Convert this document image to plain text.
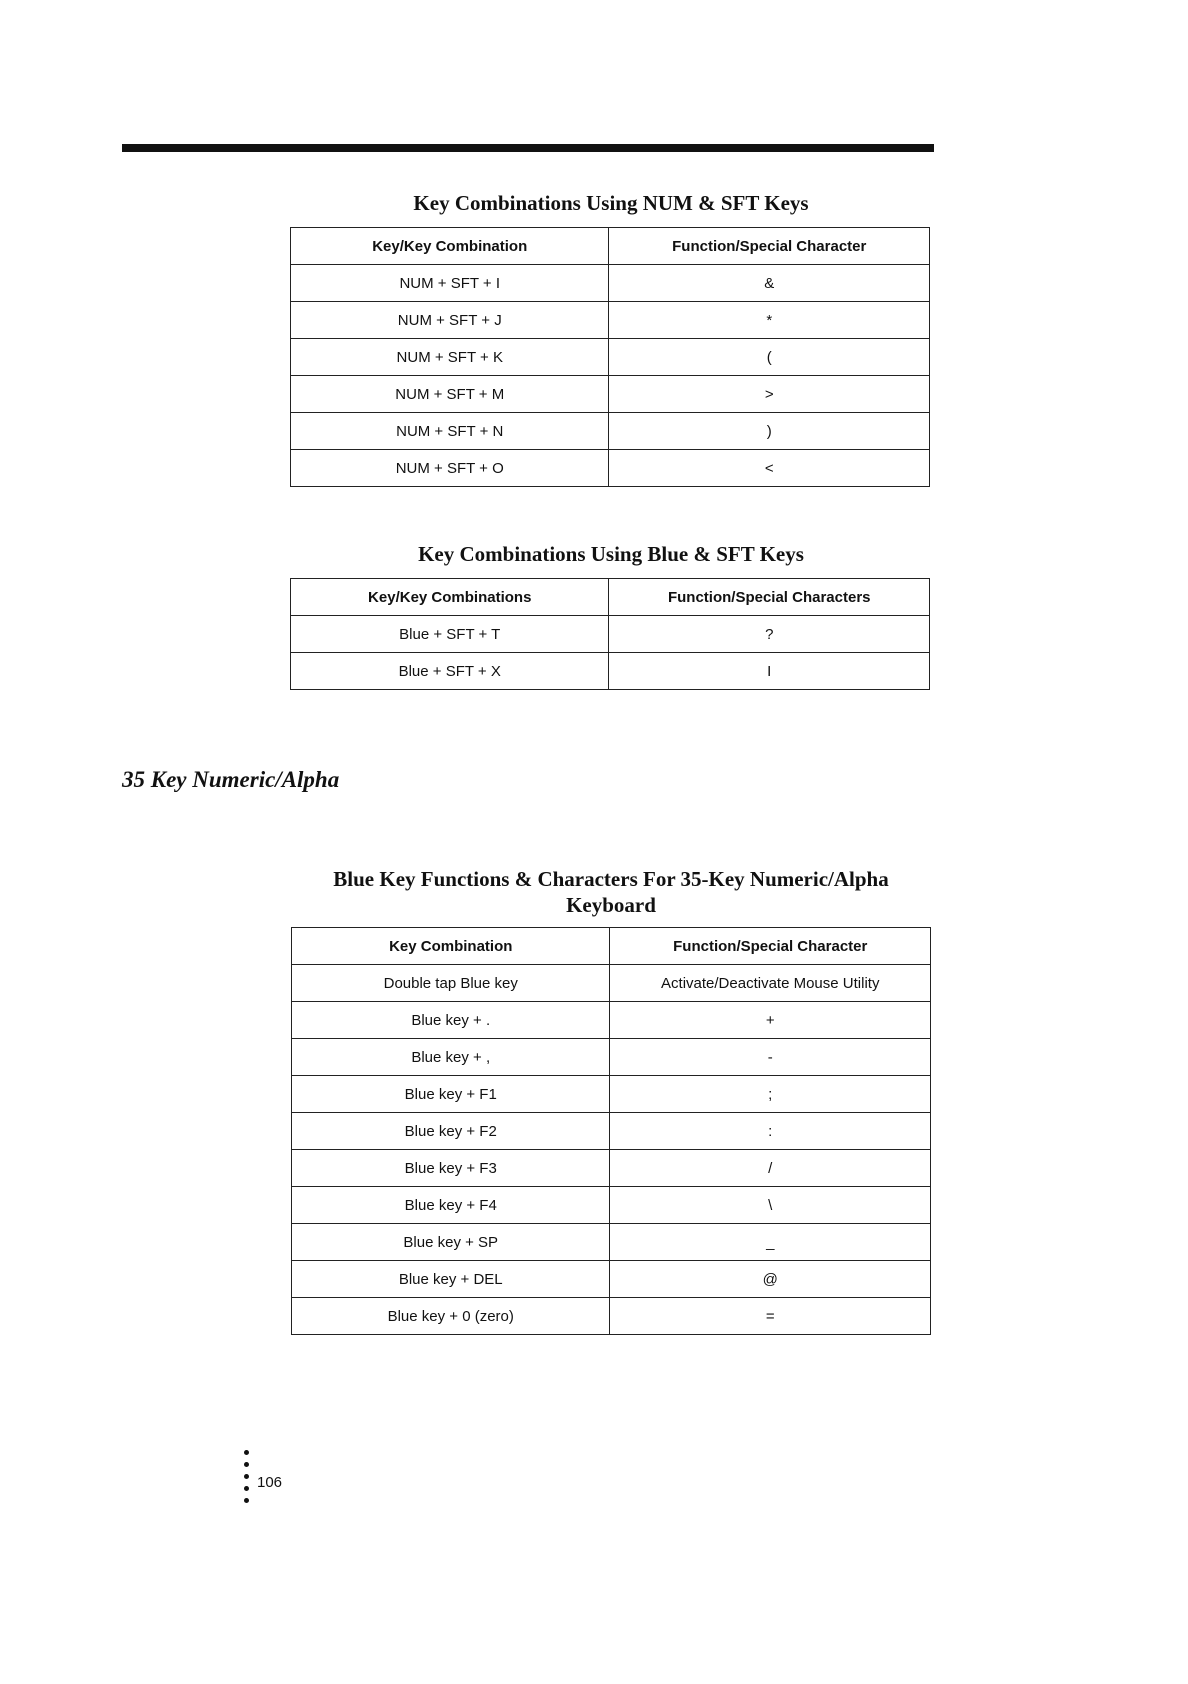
Key Combinations Using NUM & SFT Keys
Key/Key Combination	Function/Special Character
NUM + SFT + I	&
NUM + SFT + J	*
NUM + SFT + K	(
NUM + SFT + M	>
NUM + SFT + N	)
NUM + SFT + O	<
Key Combinations Using Blue & SFT Keys
Key/Key Combinations	Function/Special Characters
Blue + SFT + T	?
Blue + SFT + X	I
35 Key Numeric/Alpha
Blue Key Functions & Characters For 35-Key Numeric/Alpha
Keyboard
Key Combination	Function/Special Character
Double tap Blue key	Activate/Deactivate Mouse Utility
Blue key + .	+
Blue key + ,	-
Blue key + F1	;
Blue key + F2	:
Blue key + F3	/
Blue key + F4	\
Blue key + SP	_
Blue key + DEL	@
Blue key + 0 (zero)	=
106
